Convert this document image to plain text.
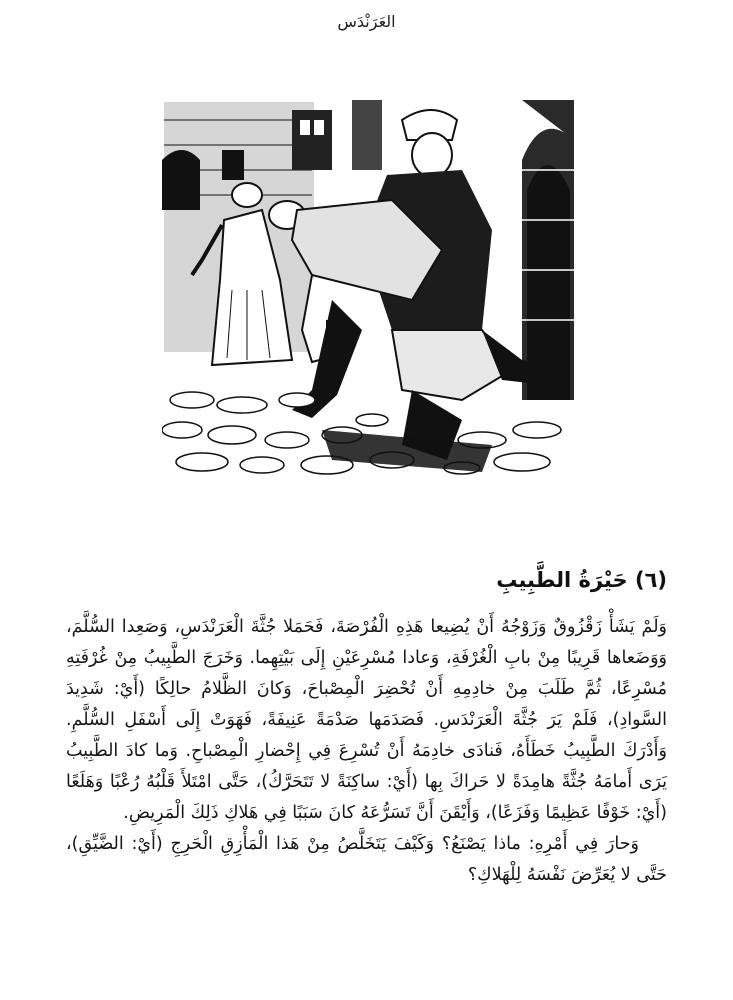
العَرَنْدَس
(٦) حَيْرَةُ الطَّبِيبِ

وَلَمْ يَشَأْ زَقْزُوقٌ وَزَوْجُهُ أَنْ يُضِيعا هَذِهِ الْفُرْصَةَ، فَحَمَلا جُثَّةَ الْعَرَنْدَسِ، وَصَعِدا السُّلَّمَ، وَوَضَعاها قَرِيبًا مِنْ بابِ الْغُرْفَةِ، وَعادا مُسْرِعَيْنِ إِلَى بَيْتِهِما. وَخَرَجَ الطَّبِيبُ مِنْ غُرْفَتِهِ مُسْرِعًا، ثُمَّ طَلَبَ مِنْ خادِمِهِ أَنْ تُحْضِرَ الْمِصْباحَ، وَكانَ الظَّلامُ حالِكًا (أَيْ: شَدِيدَ السَّوادِ)، فَلَمْ يَرَ جُثَّةَ الْعَرَنْدَسِ. فَصَدَمَها صَدْمَةً عَنِيفَةً، فَهَوَتْ إِلَى أَسْفَلِ السُّلَّمِ. وَأَدْرَكَ الطَّبِيبُ خَطَأَهُ، فَنادَى خادِمَهُ أَنْ تُسْرِعَ فِي إِحْضارِ الْمِصْباحِ. وَما كادَ الطَّبِيبُ يَرَى أَمامَهُ جُثَّةً هامِدَةً لا حَراكَ بِها (أَيْ: ساكِنَةً لا تَتَحَرَّكُ)، حَتَّى امْتَلأَ قَلْبُهُ رُعْبًا وَهَلَعًا (أَيْ: خَوْفًا عَظِيمًا وَفَزَعًا)، وَأَيْقَنَ أَنَّ تَسَرُّعَهُ كانَ سَبَبًا فِي هَلاكِ ذَلِكَ الْمَرِيضِ.

وَحارَ فِي أَمْرِهِ: ماذا يَصْنَعُ؟ وَكَيْفَ يَتَخَلَّصُ مِنْ هَذا الْمَأْزِقِ الْحَرِجِ (أَيْ: الضَّيِّقِ)، حَتَّى لا يُعَرِّضَ نَفْسَهُ لِلْهَلاكِ؟
